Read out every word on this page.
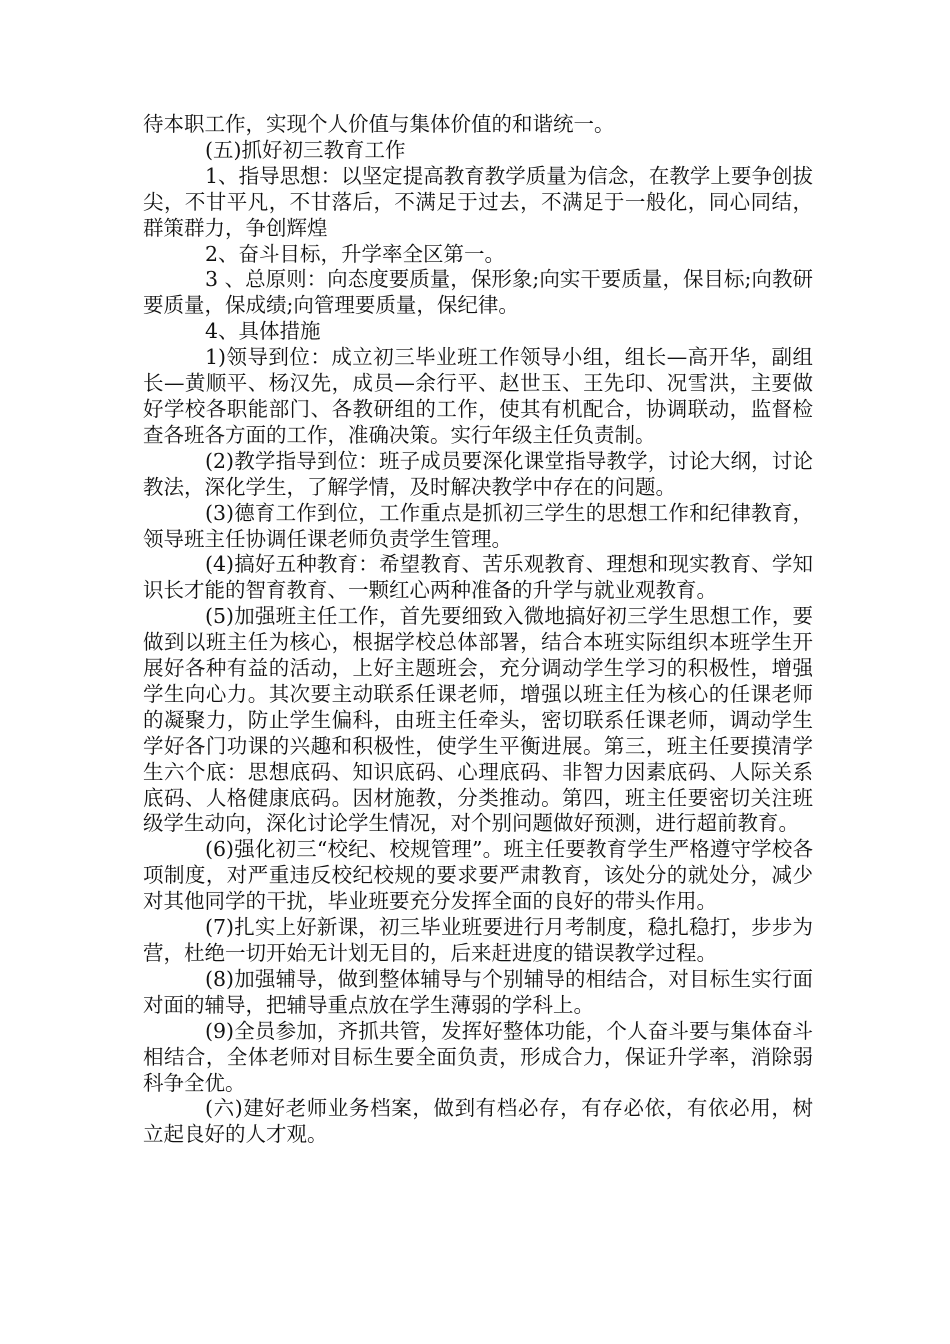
待本职工作，实现个人价值与集体价值的和谐统一。

(五)抓好初三教育工作

1、指导思想：以坚定提高教育教学质量为信念，在教学上要争创拔尖，不甘平凡，不甘落后，不满足于过去，不满足于一般化，同心同结，群策群力，争创辉煌

2、奋斗目标，升学率全区第一。

3 、总原则：向态度要质量，保形象;向实干要质量，保目标;向教研要质量，保成绩;向管理要质量，保纪律。

4、具体措施

1)领导到位：成立初三毕业班工作领导小组，组长—高开华，副组长—黄顺平、杨汉先，成员—余行平、赵世玉、王先印、况雪洪，主要做好学校各职能部门、各教研组的工作，使其有机配合，协调联动，监督检查各班各方面的工作，准确决策。实行年级主任负责制。

(2)教学指导到位：班子成员要深化课堂指导教学，讨论大纲，讨论教法，深化学生，了解学情，及时解决教学中存在的问题。

(3)德育工作到位，工作重点是抓初三学生的思想工作和纪律教育，领导班主任协调任课老师负责学生管理。

(4)搞好五种教育：希望教育、苦乐观教育、理想和现实教育、学知识长才能的智育教育、一颗红心两种准备的升学与就业观教育。

(5)加强班主任工作，首先要细致入微地搞好初三学生思想工作，要做到以班主任为核心，根据学校总体部署，结合本班实际组织本班学生开展好各种有益的活动，上好主题班会，充分调动学生学习的积极性，增强学生向心力。其次要主动联系任课老师，增强以班主任为核心的任课老师的凝聚力，防止学生偏科，由班主任牵头，密切联系任课老师，调动学生学好各门功课的兴趣和积极性，使学生平衡进展。第三，班主任要摸清学生六个底：思想底码、知识底码、心理底码、非智力因素底码、人际关系底码、人格健康底码。因材施教，分类推动。第四，班主任要密切关注班级学生动向，深化讨论学生情况，对个别问题做好预测，进行超前教育。

(6)强化初三“校纪、校规管理”。班主任要教育学生严格遵守学校各项制度，对严重违反校纪校规的要求要严肃教育，该处分的就处分，减少对其他同学的干扰，毕业班要充分发挥全面的良好的带头作用。

(7)扎实上好新课，初三毕业班要进行月考制度，稳扎稳打，步步为营，杜绝一切开始无计划无目的，后来赶进度的错误教学过程。

(8)加强辅导，做到整体辅导与个别辅导的相结合，对目标生实行面对面的辅导，把辅导重点放在学生薄弱的学科上。

(9)全员参加，齐抓共管，发挥好整体功能，个人奋斗要与集体奋斗相结合，全体老师对目标生要全面负责，形成合力，保证升学率，消除弱科争全优。

(六)建好老师业务档案，做到有档必存，有存必依，有依必用，树立起良好的人才观。
